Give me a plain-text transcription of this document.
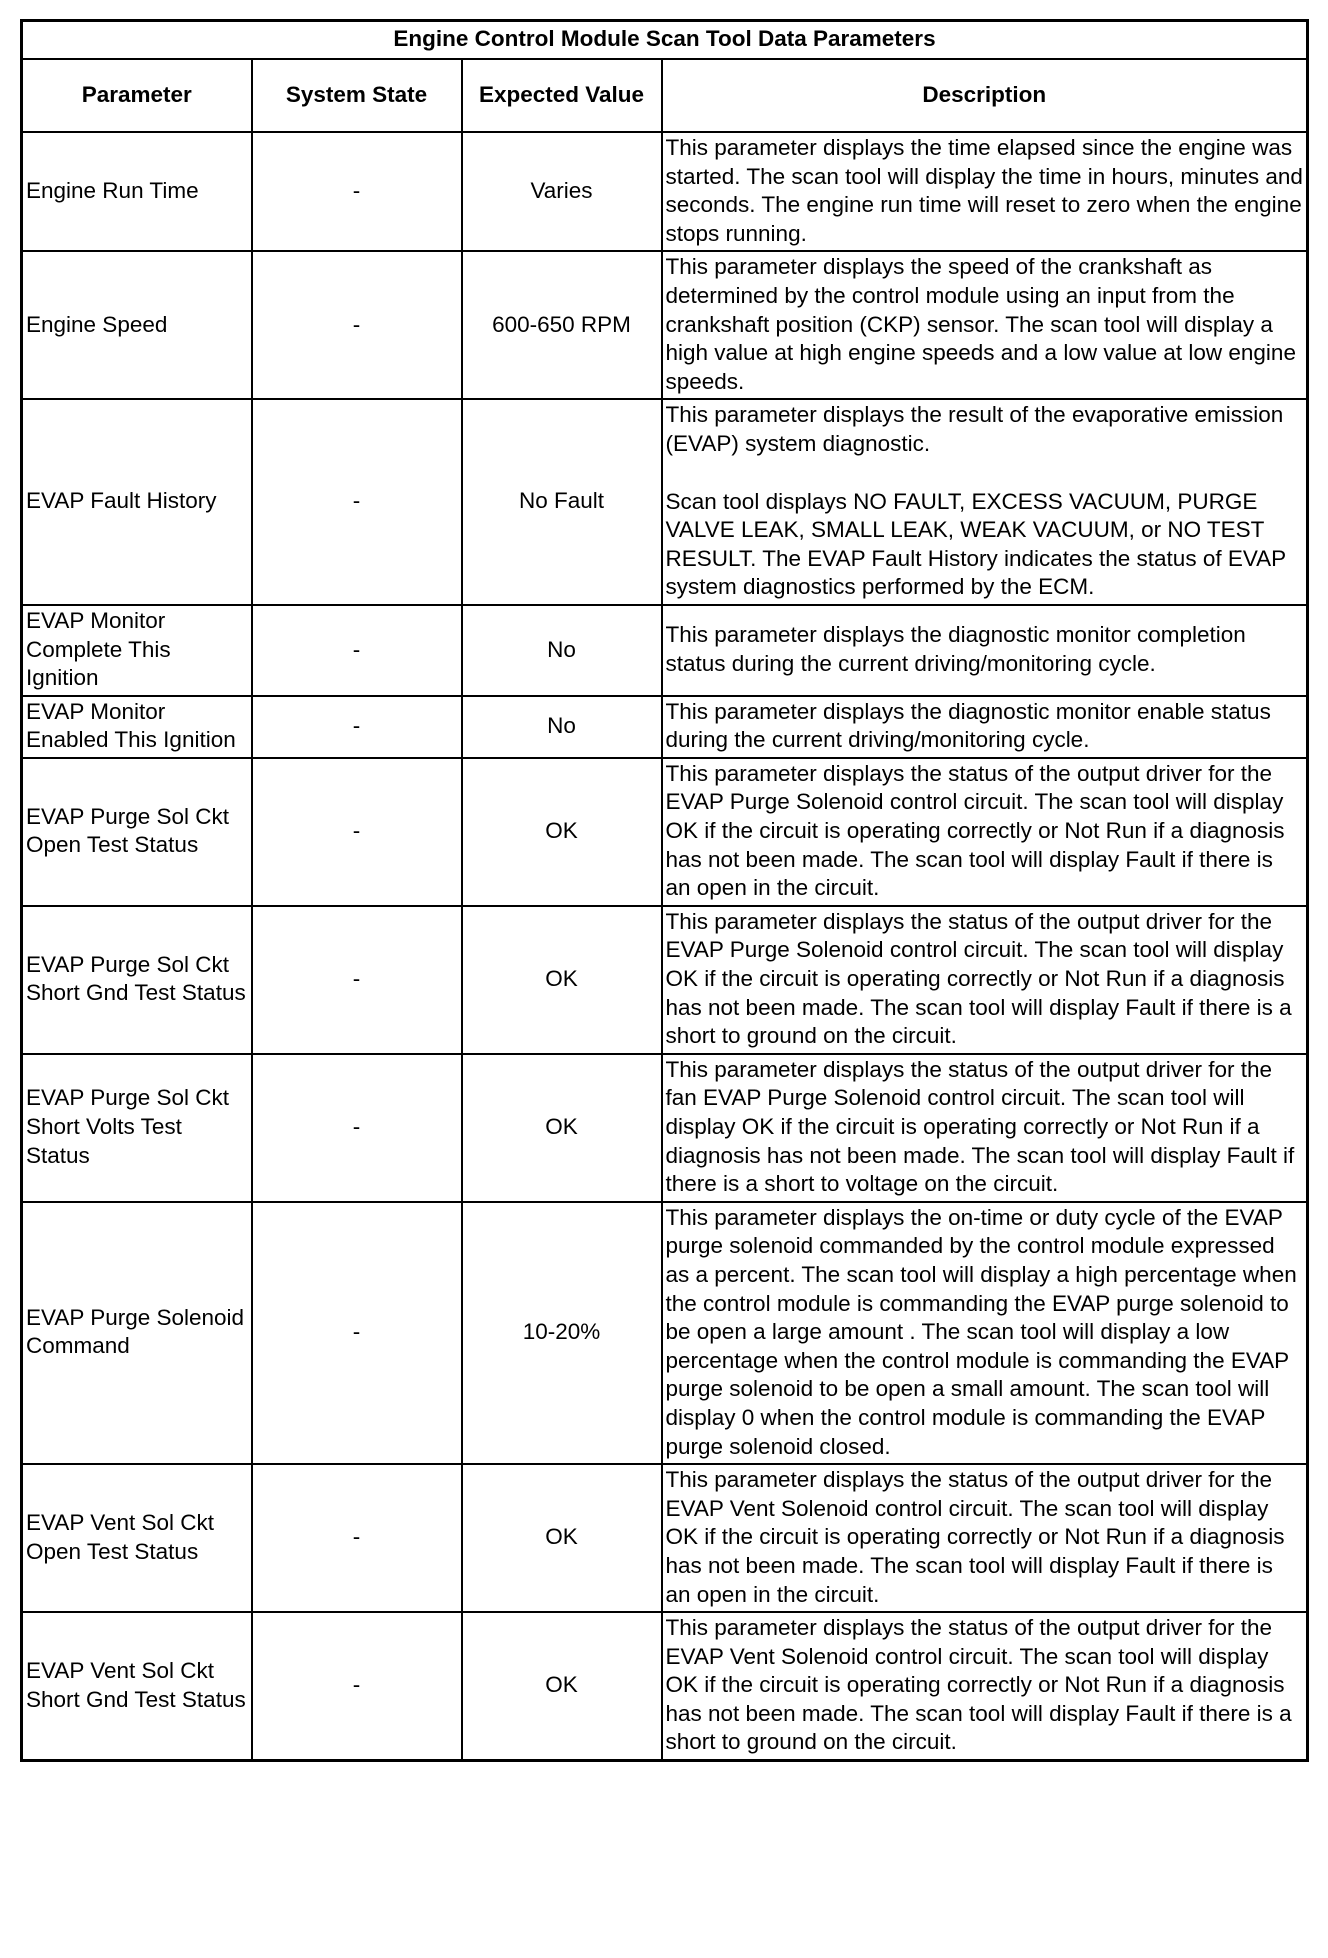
Engine Control Module Scan Tool Data Parameters			
Parameter	System State	Expected Value	Description
Engine Run Time	-	Varies	This parameter displays the time elapsed since the engine was started. The scan tool will display the time in hours, minutes and seconds. The engine run time will reset to zero when the engine stops running.

Engine Speed	-	600-650 RPM	This parameter displays the speed of the crankshaft as determined by the control module using an input from the crankshaft position (CKP) sensor. The scan tool will display a high value at high engine speeds and a low value at low engine speeds.

EVAP Fault History	-	No Fault	This parameter displays the result of the evaporative emission (EVAP) system diagnostic.

Scan tool displays NO FAULT, EXCESS VACUUM, PURGE VALVE LEAK, SMALL LEAK, WEAK VACUUM, or NO TEST RESULT. The EVAP Fault History indicates the status of EVAP system diagnostics performed by the ECM.

EVAP Monitor Complete This Ignition	-	No	This parameter displays the diagnostic monitor completion status during the current driving/monitoring cycle.

EVAP Monitor Enabled This Ignition	-	No	This parameter displays the diagnostic monitor enable status during the current driving/monitoring cycle.

EVAP Purge Sol Ckt Open Test Status	-	OK	This parameter displays the status of the output driver for the EVAP Purge Solenoid control circuit. The scan tool will display OK if the circuit is operating correctly or Not Run if a diagnosis has not been made. The scan tool will display Fault if there is an open in the circuit.

EVAP Purge Sol Ckt Short Gnd Test Status	-	OK	This parameter displays the status of the output driver for the EVAP Purge Solenoid control circuit. The scan tool will display OK if the circuit is operating correctly or Not Run if a diagnosis has not been made. The scan tool will display Fault if there is a short to ground on the circuit.

EVAP Purge Sol Ckt Short Volts Test Status	-	OK	This parameter displays the status of the output driver for the fan EVAP Purge Solenoid control circuit. The scan tool will display OK if the circuit is operating correctly or Not Run if a diagnosis has not been made. The scan tool will display Fault if there is a short to voltage on the circuit.

EVAP Purge Solenoid Command	-	10-20%	This parameter displays the on-time or duty cycle of the EVAP purge solenoid commanded by the control module expressed as a percent. The scan tool will display a high percentage when the control module is commanding the EVAP purge solenoid to be open a large amount . The scan tool will display a low percentage when the control module is commanding the EVAP purge solenoid to be open a small amount. The scan tool will display 0 when the control module is commanding the EVAP purge solenoid closed.

EVAP Vent Sol Ckt Open Test Status	-	OK	This parameter displays the status of the output driver for the EVAP Vent Solenoid control circuit. The scan tool will display OK if the circuit is operating correctly or Not Run if a diagnosis has not been made. The scan tool will display Fault if there is an open in the circuit.

EVAP Vent Sol Ckt Short Gnd Test Status	-	OK	This parameter displays the status of the output driver for the EVAP Vent Solenoid control circuit. The scan tool will display OK if the circuit is operating correctly or Not Run if a diagnosis has not been made. The scan tool will display Fault if there is a short to ground on the circuit.
